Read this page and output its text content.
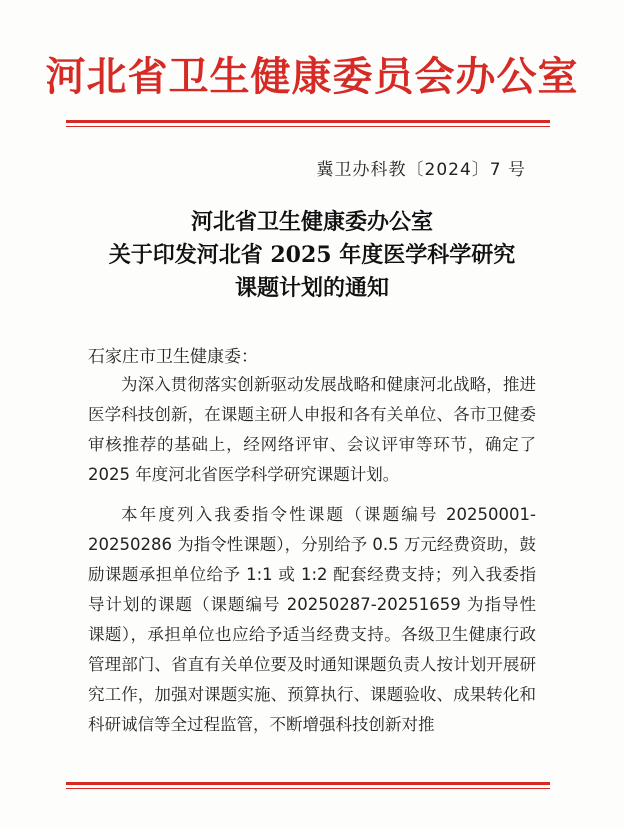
河北省卫生健康委员会办公室
冀卫办科教〔2024〕7 号
河北省卫生健康委办公室
关于印发河北省 2025 年度医学科学研究
课题计划的通知
石家庄市卫生健康委：
为深入贯彻落实创新驱动发展战略和健康河北战略，推进医学科技创新，在课题主研人申报和各有关单位、各市卫健委审核推荐的基础上，经网络评审、会议评审等环节，确定了 2025 年度河北省医学科学研究课题计划。
本年度列入我委指令性课题（课题编号 20250001-20250286 为指令性课题），分别给予 0.5 万元经费资助，鼓励课题承担单位给予 1:1 或 1:2 配套经费支持；列入我委指导计划的课题（课题编号 20250287-20251659 为指导性课题），承担单位也应给予适当经费支持。各级卫生健康行政管理部门、省直有关单位要及时通知课题负责人按计划开展研究工作，加强对课题实施、预算执行、课题验收、成果转化和科研诚信等全过程监管，不断增强科技创新对推
